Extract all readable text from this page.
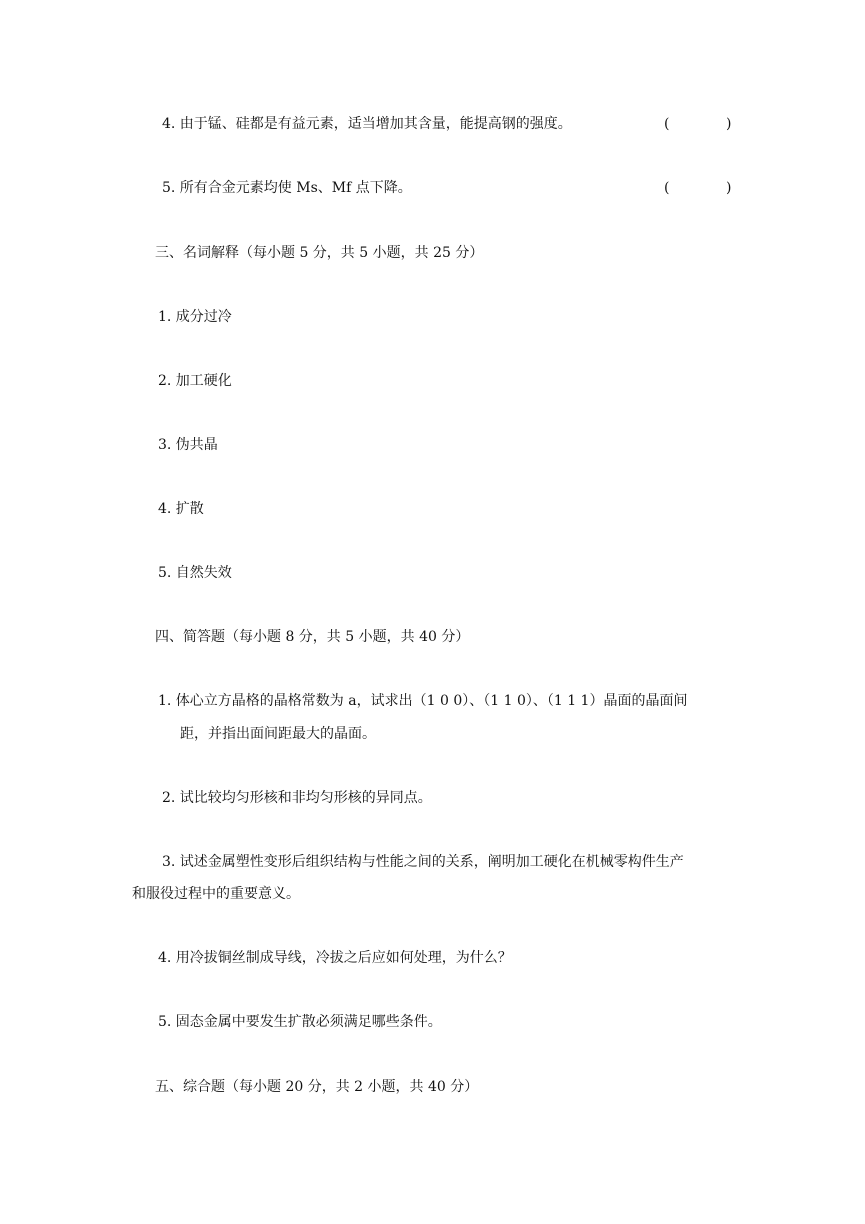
4. 由于锰、硅都是有益元素，适当增加其含量，能提高钢的强度。	(	)
5. 所有合金元素均使 Ms、Mf 点下降。	(	)
三、名词解释（每小题 5 分，共 5 小题，共 25 分）
1. 成分过冷
2. 加工硬化
3. 伪共晶
4. 扩散
5. 自然失效
四、简答题（每小题 8 分，共 5 小题，共 40 分）
1. 体心立方晶格的晶格常数为 a，试求出（1 0 0）、（1 1 0）、（1 1 1）晶面的晶面间
距，并指出面间距最大的晶面。
2. 试比较均匀形核和非均匀形核的异同点。
3. 试述金属塑性变形后组织结构与性能之间的关系，阐明加工硬化在机械零构件生产
和服役过程中的重要意义。
4. 用冷拔铜丝制成导线，冷拔之后应如何处理，为什么？
5. 固态金属中要发生扩散必须满足哪些条件。
五、综合题（每小题 20 分，共 2 小题，共 40 分）
